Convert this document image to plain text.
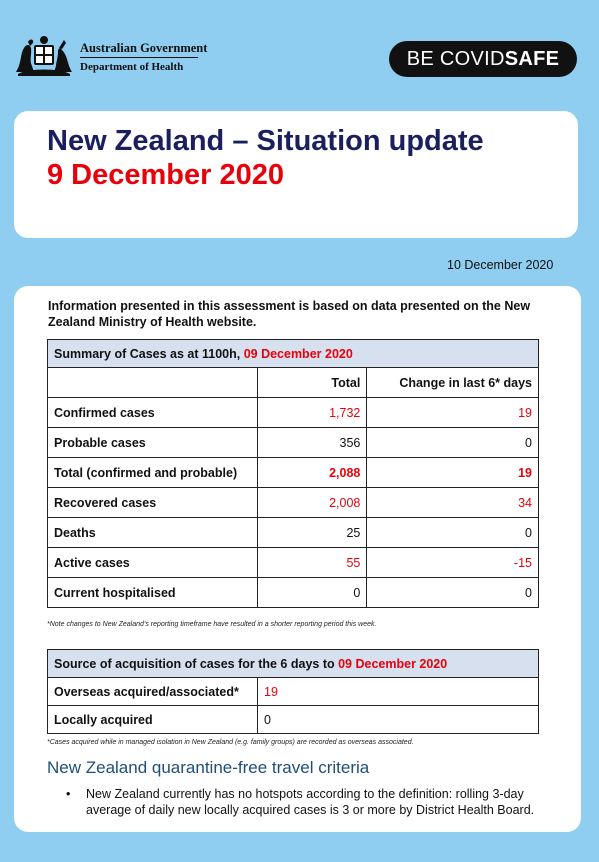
Australian Government
Department of Health	BE COVIDSAFE
New Zealand – Situation update
9 December 2020
10 December 2020
Information presented in this assessment is based on data presented on the New Zealand Ministry of Health website.
Summary of Cases as at 1100h, 09 December 2020		
	Total	Change in last 6* days
Confirmed cases	1,732	19
Probable cases	356	0
Total (confirmed and probable)	2,088	19
Recovered cases	2,008	34
Deaths	25	0
Active cases	55	-15
Current hospitalised	0	0
*Note changes to New Zealand’s reporting timeframe have resulted in a shorter reporting period this week.
Source of acquisition of cases for the 6 days to 09 December 2020	
Overseas acquired/associated*	19
Locally acquired	0
*Cases acquired while in managed isolation in New Zealand (e.g. family groups) are recorded as overseas associated.
New Zealand quarantine-free travel criteria
•	New Zealand currently has no hotspots according to the definition: rolling 3-day average of daily new locally acquired cases is 3 or more by District Health Board.
